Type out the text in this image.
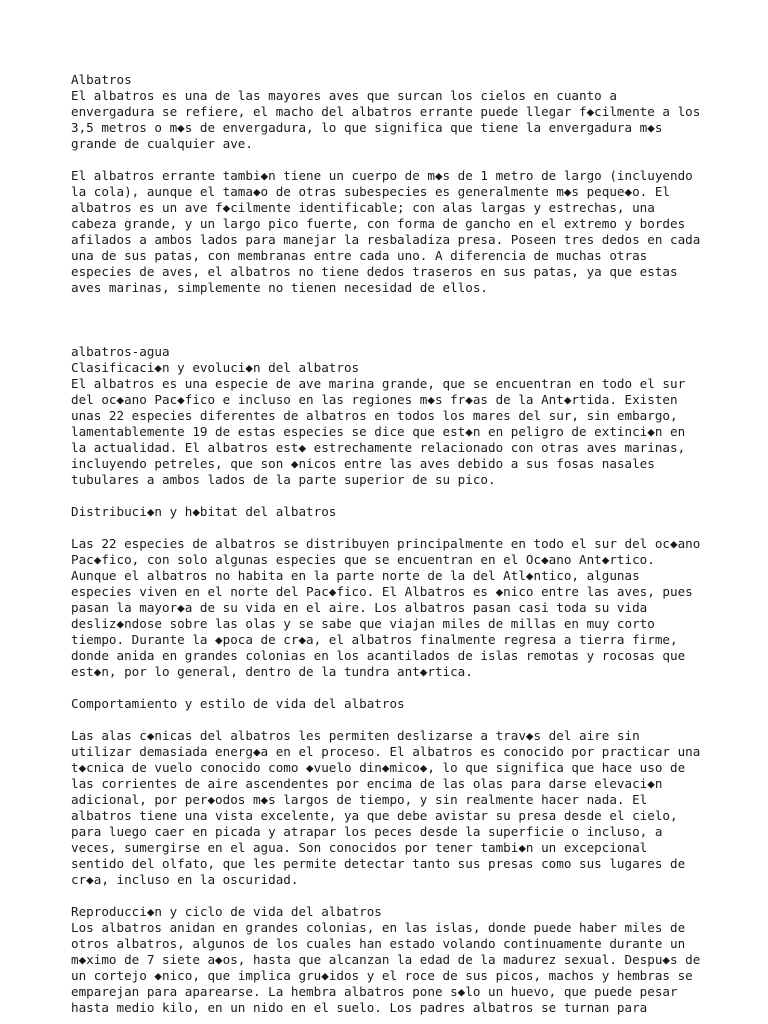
Albatros
El albatros es una de las mayores aves que surcan los cielos en cuanto a
envergadura se refiere, el macho del albatros errante puede llegar f◆cilmente a los
3,5 metros o m◆s de envergadura, lo que significa que tiene la envergadura m◆s
grande de cualquier ave.
El albatros errante tambi◆n tiene un cuerpo de m◆s de 1 metro de largo (incluyendo
la cola), aunque el tama◆o de otras subespecies es generalmente m◆s peque◆o. El
albatros es un ave f◆cilmente identificable; con alas largas y estrechas, una
cabeza grande, y un largo pico fuerte, con forma de gancho en el extremo y bordes
afilados a ambos lados para manejar la resbaladiza presa. Poseen tres dedos en cada
una de sus patas, con membranas entre cada uno. A diferencia de muchas otras
especies de aves, el albatros no tiene dedos traseros en sus patas, ya que estas
aves marinas, simplemente no tienen necesidad de ellos.
albatros-agua
Clasificaci◆n y evoluci◆n del albatros
El albatros es una especie de ave marina grande, que se encuentran en todo el sur
del oc◆ano Pac◆fico e incluso en las regiones m◆s fr◆as de la Ant◆rtida. Existen
unas 22 especies diferentes de albatros en todos los mares del sur, sin embargo,
lamentablemente 19 de estas especies se dice que est◆n en peligro de extinci◆n en
la actualidad. El albatros est◆ estrechamente relacionado con otras aves marinas,
incluyendo petreles, que son ◆nicos entre las aves debido a sus fosas nasales
tubulares a ambos lados de la parte superior de su pico.
Distribuci◆n y h◆bitat del albatros
Las 22 especies de albatros se distribuyen principalmente en todo el sur del oc◆ano
Pac◆fico, con solo algunas especies que se encuentran en el Oc◆ano Ant◆rtico.
Aunque el albatros no habita en la parte norte de la del Atl◆ntico, algunas
especies viven en el norte del Pac◆fico. El Albatros es ◆nico entre las aves, pues
pasan la mayor◆a de su vida en el aire. Los albatros pasan casi toda su vida
desliz◆ndose sobre las olas y se sabe que viajan miles de millas en muy corto
tiempo. Durante la ◆poca de cr◆a, el albatros finalmente regresa a tierra firme,
donde anida en grandes colonias en los acantilados de islas remotas y rocosas que
est◆n, por lo general, dentro de la tundra ant◆rtica.
Comportamiento y estilo de vida del albatros
Las alas c◆nicas del albatros les permiten deslizarse a trav◆s del aire sin
utilizar demasiada energ◆a en el proceso. El albatros es conocido por practicar una
t◆cnica de vuelo conocido como ◆vuelo din◆mico◆, lo que significa que hace uso de
las corrientes de aire ascendentes por encima de las olas para darse elevaci◆n
adicional, por per◆odos m◆s largos de tiempo, y sin realmente hacer nada. El
albatros tiene una vista excelente, ya que debe avistar su presa desde el cielo,
para luego caer en picada y atrapar los peces desde la superficie o incluso, a
veces, sumergirse en el agua. Son conocidos por tener tambi◆n un excepcional
sentido del olfato, que les permite detectar tanto sus presas como sus lugares de
cr◆a, incluso en la oscuridad.
Reproducci◆n y ciclo de vida del albatros
Los albatros anidan en grandes colonias, en las islas, donde puede haber miles de
otros albatros, algunos de los cuales han estado volando continuamente durante un
m◆ximo de 7 siete a◆os, hasta que alcanzan la edad de la madurez sexual. Despu◆s de
un cortejo ◆nico, que implica gru◆idos y el roce de sus picos, machos y hembras se
emparejan para aparearse. La hembra albatros pone s◆lo un huevo, que puede pesar
hasta medio kilo, en un nido en el suelo. Los padres albatros se turnan para
